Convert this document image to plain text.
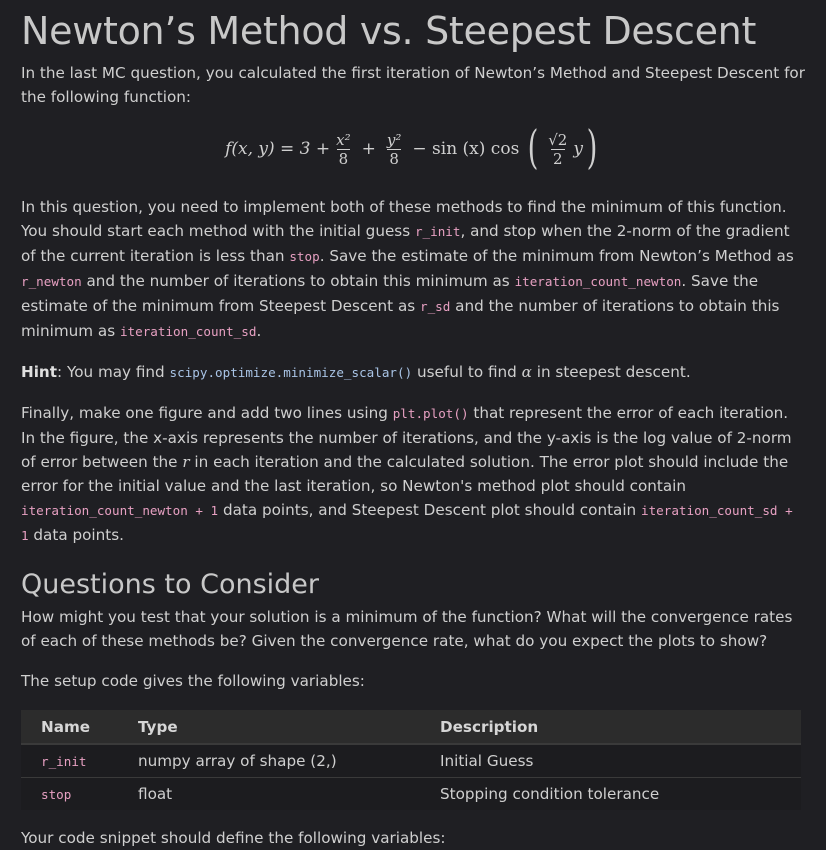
Newton’s Method vs. Steepest Descent

In the last MC question, you calculated the first iteration of Newton’s Method and Steepest Descent for the following function:

f(x, $y) = 3 + \frac{\text{x²}}{8} + \frac{\text{y²}}{8} - \sin (x)$ cos ( $\frac{√2}{2}$ y )

In this question, you need to implement both of these methods to find the minimum of this function. You should start each method with the initial guess r_init, and stop when the 2-norm of the gradient of the current iteration is less than stop. Save the estimate of the minimum from Newton’s Method as r_newton and the number of iterations to obtain this minimum as iteration_count_newton. Save the estimate of the minimum from Steepest Descent as r_sd and the number of iterations to obtain this minimum as iteration_count_sd.

Hint: You may find scipy.optimize.minimize_scalar() useful to find α in steepest descent.

Finally, make one figure and add two lines using plt.plot() that represent the error of each iteration. In the figure, the x-axis represents the number of iterations, and the y-axis is the log value of 2-norm of error between the r in each iteration and the calculated solution. The error plot should include the error for the initial value and the last iteration, so Newton's method plot should contain iteration_count_newton + 1 data points, and Steepest Descent plot should contain iteration_count_sd + 1 data points.

Questions to Consider

How might you test that your solution is a minimum of the function? What will the convergence rates of each of these methods be? Given the convergence rate, what do you expect the plots to show?

The setup code gives the following variables:

Name	Type	Description
r_init	numpy array of shape (2,)	Initial Guess
stop	float	Stopping condition tolerance

Your code snippet should define the following variables:
